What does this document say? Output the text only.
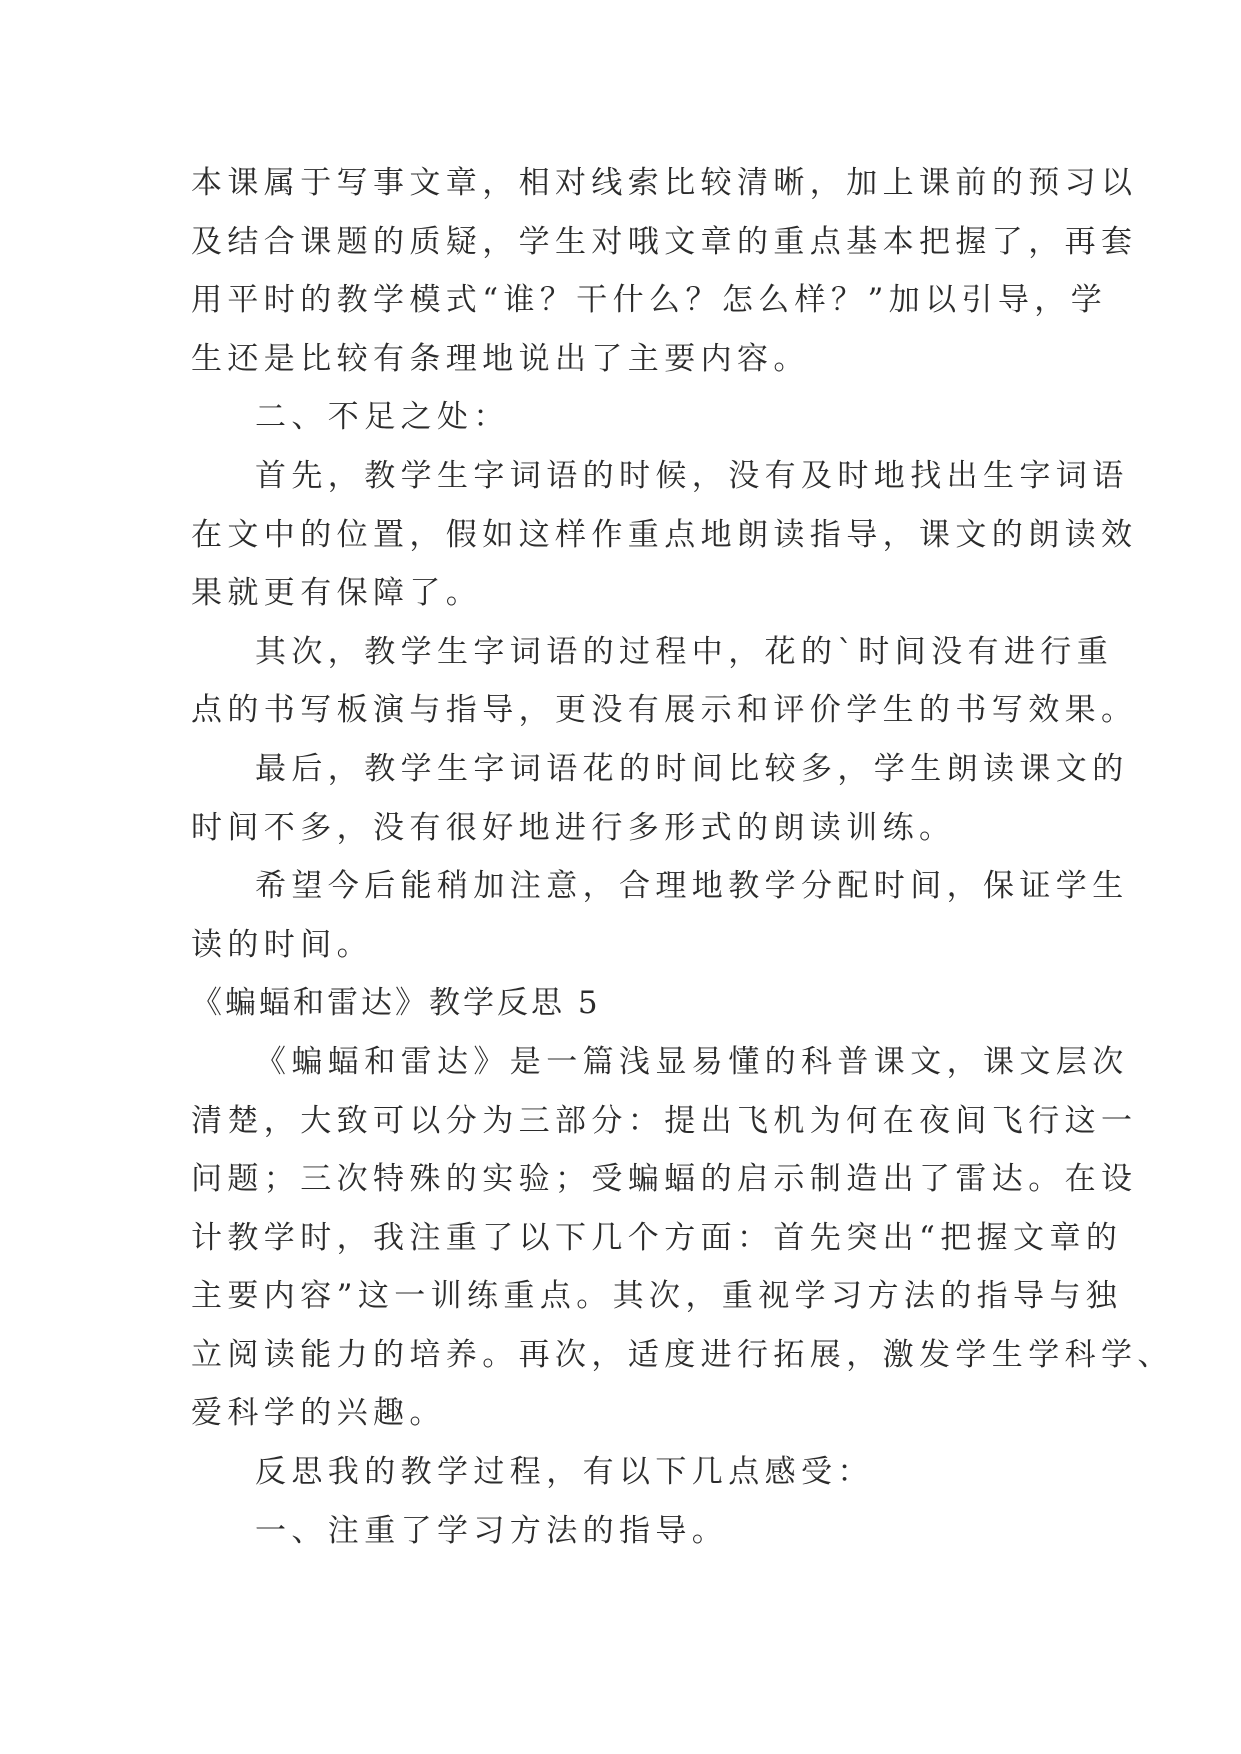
本课属于写事文章，相对线索比较清晰，加上课前的预习以
及结合课题的质疑，学生对哦文章的重点基本把握了，再套
用平时的教学模式“谁？干什么？怎么样？”加以引导，学
生还是比较有条理地说出了主要内容。
二、不足之处：
首先，教学生字词语的时候，没有及时地找出生字词语
在文中的位置，假如这样作重点地朗读指导，课文的朗读效
果就更有保障了。
其次，教学生字词语的过程中，花的`时间没有进行重
点的书写板演与指导，更没有展示和评价学生的书写效果。
最后，教学生字词语花的时间比较多，学生朗读课文的
时间不多，没有很好地进行多形式的朗读训练。
希望今后能稍加注意，合理地教学分配时间，保证学生
读的时间。
《蝙蝠和雷达》教学反思 5
《蝙蝠和雷达》是一篇浅显易懂的科普课文，课文层次
清楚，大致可以分为三部分：提出飞机为何在夜间飞行这一
问题；三次特殊的实验；受蝙蝠的启示制造出了雷达。在设
计教学时，我注重了以下几个方面：首先突出“把握文章的
主要内容”这一训练重点。其次，重视学习方法的指导与独
立阅读能力的培养。再次，适度进行拓展，激发学生学科学、
爱科学的兴趣。
反思我的教学过程，有以下几点感受：
一、注重了学习方法的指导。
